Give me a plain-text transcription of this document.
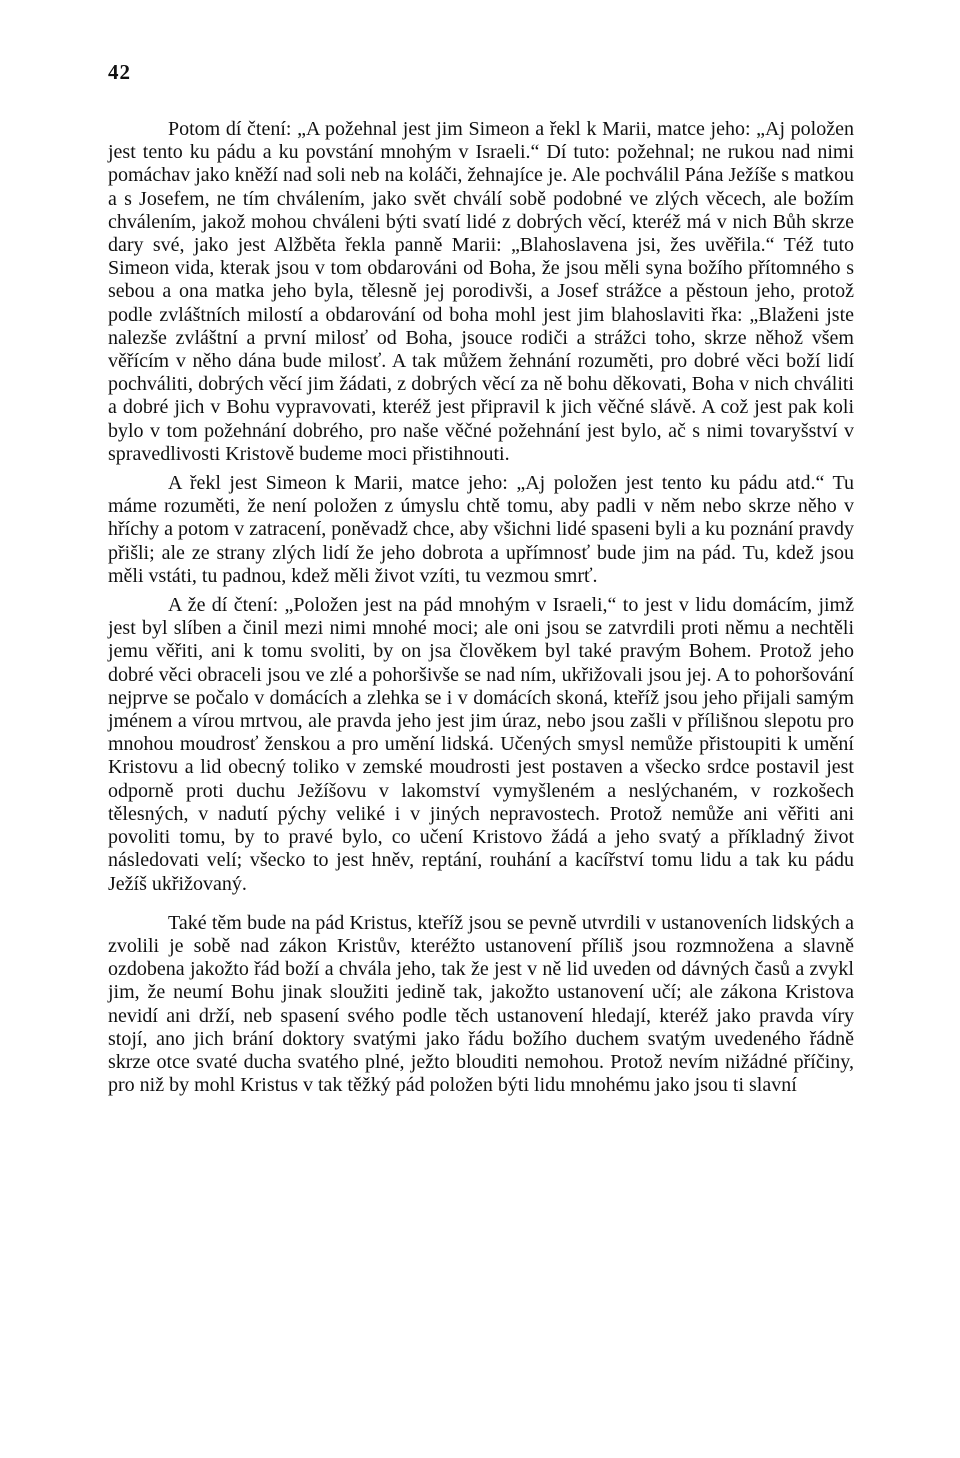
42

Potom dí čtení: „A požehnal jest jim Simeon a řekl k Marii, matce jeho: „Aj položen jest tento ku pádu a ku povstání mnohým v Israeli.“ Dí tuto: požehnal; ne rukou nad nimi pomáchav jako kněží nad soli neb na koláči, žehnajíce je. Ale pochválil Pána Ježíše s matkou a s Josefem, ne tím chválením, jako svět chválí sobě podobné ve zlých věcech, ale božím chválením, jakož mohou chváleni býti svatí lidé z dobrých věcí, kteréž má v nich Bůh skrze dary své, jako jest Alžběta řekla panně Marii: „Blahoslavena jsi, žes uvěřila.“ Též tuto Simeon vida, kterak jsou v tom obdarováni od Boha, že jsou měli syna božího přítomného s sebou a ona matka jeho byla, tělesně jej porodivši, a Josef strážce a pěstoun jeho, protož podle zvláštních milostí a obdarování od boha mohl jest jim blahoslaviti řka: „Blaženi jste nalezše zvláštní a první milosť od Boha, jsouce rodiči a strážci toho, skrze něhož všem věřícím v něho dána bude milosť. A tak můžem žehnání rozuměti, pro dobré věci boží lidí pochváliti, dobrých věcí jim žádati, z dobrých věcí za ně bohu děkovati, Boha v nich chváliti a dobré jich v Bohu vypravovati, kteréž jest připravil k jich věčné slávě. A což jest pak koli bylo v tom požehnání dobrého, pro naše věčné požehnání jest bylo, ač s nimi tovaryšství v spravedlivosti Kristově budeme moci přistihnouti.

A řekl jest Simeon k Marii, matce jeho: „Aj položen jest tento ku pádu atd.“ Tu máme rozuměti, že není položen z úmyslu chtě tomu, aby padli v něm nebo skrze něho v hříchy a potom v zatracení, poněvadž chce, aby všichni lidé spaseni byli a ku poznání pravdy přišli; ale ze strany zlých lidí že jeho dobrota a upřímnosť bude jim na pád. Tu, kdež jsou měli vstáti, tu padnou, kdež měli život vzíti, tu vezmou smrť.

A že dí čtení: „Položen jest na pád mnohým v Israeli,“ to jest v lidu domácím, jimž jest byl slíben a činil mezi nimi mnohé moci; ale oni jsou se zatvrdili proti němu a nechtěli jemu věřiti, ani k tomu svoliti, by on jsa člověkem byl také pravým Bohem. Protož jeho dobré věci obraceli jsou ve zlé a pohoršivše se nad ním, ukřižovali jsou jej. A to pohoršování nejprve se počalo v domácích a zlehka se i v domácích skoná, kteříž jsou jeho přijali samým jménem a vírou mrtvou, ale pravda jeho jest jim úraz, nebo jsou zašli v přílišnou slepotu pro mnohou moudrosť ženskou a pro umění lidská. Učených smysl nemůže přistoupiti k umění Kristovu a lid obecný toliko v zemské moudrosti jest postaven a všecko srdce postavil jest odporně proti duchu Ježíšovu v lakomství vymyšleném a neslýchaném, v rozkošech tělesných, v nadutí pýchy veliké i v jiných nepravostech. Protož nemůže ani věřiti ani povoliti tomu, by to pravé bylo, co učení Kristovo žádá a jeho svatý a příkladný život následovati velí; všecko to jest hněv, reptání, rouhání a kacířství tomu lidu a tak ku pádu Ježíš ukřižovaný.

Také těm bude na pád Kristus, kteříž jsou se pevně utvrdili v ustanoveních lidských a zvolili je sobě nad zákon Kristův, kteréžto ustanovení příliš jsou rozmnožena a slavně ozdobena jakožto řád boží a chvála jeho, tak že jest v ně lid uveden od dávných časů a zvykl jim, že neumí Bohu jinak sloužiti jedině tak, jakožto ustanovení učí; ale zákona Kristova nevidí ani drží, neb spasení svého podle těch ustanovení hledají, kteréž jako pravda víry stojí, ano jich brání doktory svatými jako řádu božího duchem svatým uvedeného řádně skrze otce svaté ducha svatého plné, ježto blouditi nemohou. Protož nevím nižádné příčiny, pro niž by mohl Kristus v tak těžký pád položen býti lidu mnohému jako jsou ti slavní
